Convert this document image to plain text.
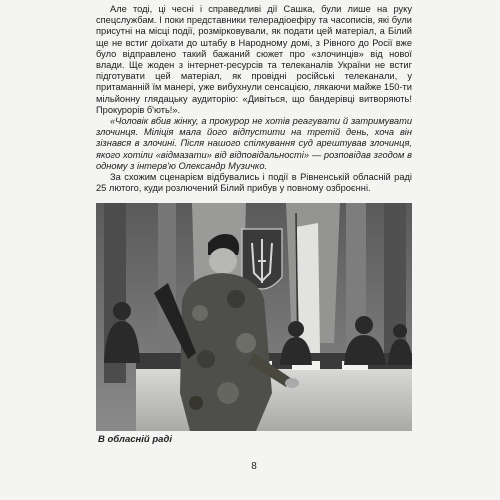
Але тоді, ці чесні і справедливі дії Сашка, були лише на руку спецслужбам. І поки представники телерадіоефіру та часописів, які були присутні на місці події, розмірковували, як подати цей матеріал, а Білий ще не встиг доїхати до штабу в Народному домі, з Рівного до Росії вже було відправлено такий бажаний сюжет про «злочинців» від нової влади. Ще жоден з інтернет-ресурсів та телеканалів України не встиг підготувати цей матеріал, як провідні російські телеканали, у притаманній їм манері, уже вибухнули сенсацією, лякаючи майже 150-ти мільйонну глядацьку аудиторію: «Дивіться, що бандерівці витворяють! Прокурорів б'ють!».

«Чоловік вбив жінку, а прокурор не хотів реагувати й затримувати злочинця. Міліція мала його відпустити на третій день, хоча він зізнався в злочині. Після нашого спілкування суд арештував злочинця, якого хотіли «відмазати» від відповідальності» — розповідав згодом в одному з інтерв'ю Олександр Музичко.

За схожим сценарієм відбувались і події в Рівненській обласній раді 25 лютого, куди розлючений Білий прибув у повному озброєнні.

В обласній раді
8
